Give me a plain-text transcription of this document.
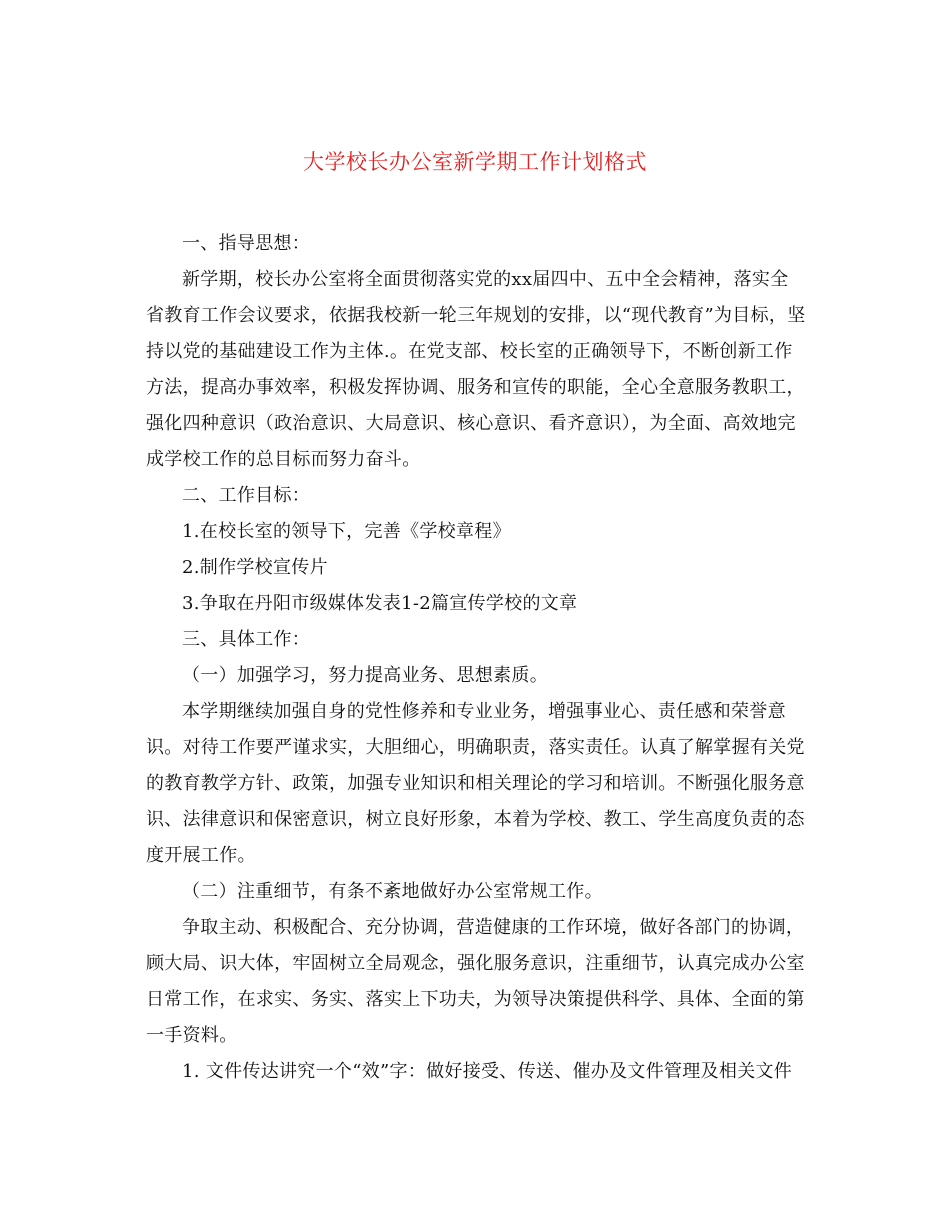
大学校长办公室新学期工作计划格式

一、指导思想：

新学期，校长办公室将全面贯彻落实党的xx届四中、五中全会精神，落实全省教育工作会议要求，依据我校新一轮三年规划的安排，以“现代教育”为目标，坚持以党的基础建设工作为主体.。在党支部、校长室的正确领导下，不断创新工作方法，提高办事效率，积极发挥协调、服务和宣传的职能，全心全意服务教职工，强化四种意识（政治意识、大局意识、核心意识、看齐意识），为全面、高效地完成学校工作的总目标而努力奋斗。

二、工作目标：

1.在校长室的领导下，完善《学校章程》

2.制作学校宣传片

3.争取在丹阳市级媒体发表1-2篇宣传学校的文章

三、具体工作：

（一）加强学习，努力提高业务、思想素质。

本学期继续加强自身的党性修养和专业业务，增强事业心、责任感和荣誉意识。对待工作要严谨求实，大胆细心，明确职责，落实责任。认真了解掌握有关党的教育教学方针、政策，加强专业知识和相关理论的学习和培训。不断强化服务意识、法律意识和保密意识，树立良好形象，本着为学校、教工、学生高度负责的态度开展工作。

（二）注重细节，有条不紊地做好办公室常规工作。

争取主动、积极配合、充分协调，营造健康的工作环境，做好各部门的协调，顾大局、识大体，牢固树立全局观念，强化服务意识，注重细节，认真完成办公室日常工作，在求实、务实、落实上下功夫，为领导决策提供科学、具体、全面的第一手资料。

1. 文件传达讲究一个“效”字：做好接受、传送、催办及文件管理及相关文件
